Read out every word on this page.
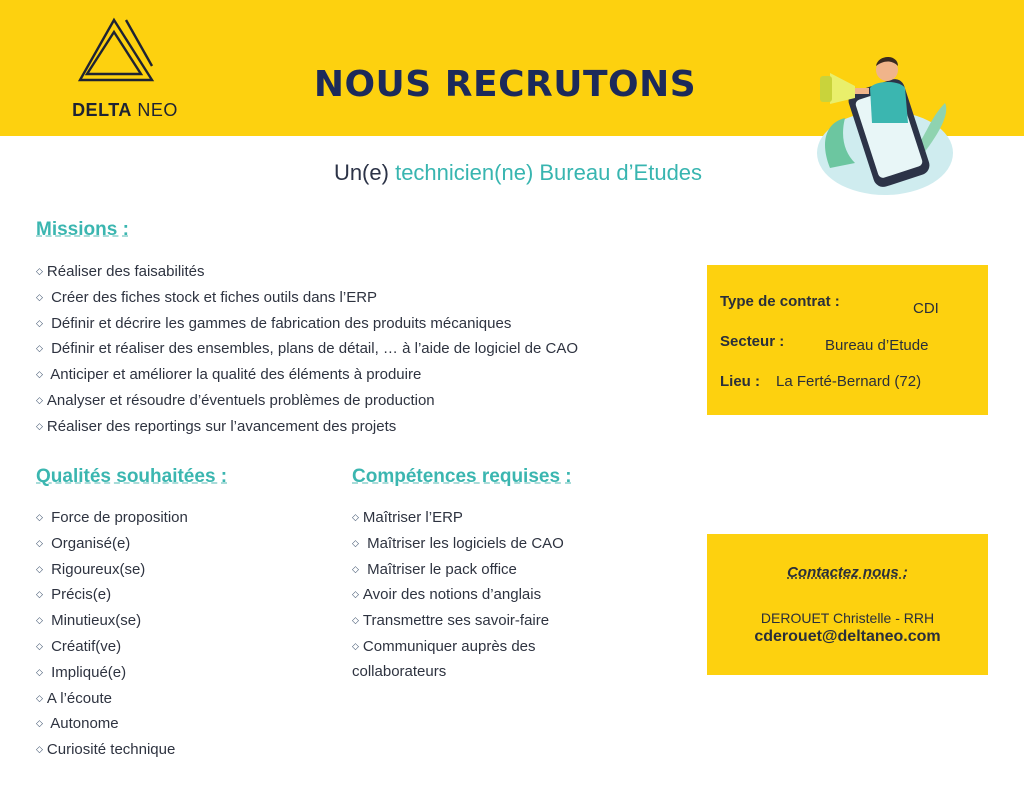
DELTA NEO
NOUS RECRUTONS
Un(e) technicien(ne) Bureau d’Etudes
Missions :
◇ Réaliser des faisabilités
◇ Créer des fiches stock et fiches outils dans l’ERP
◇ Définir et décrire les gammes de fabrication des produits mécaniques
◇ Définir et réaliser des ensembles, plans de détail, … à l’aide de logiciel de CAO
◇ Anticiper et améliorer la qualité des éléments à produire
◇ Analyser et résoudre d’éventuels problèmes de production
◇ Réaliser des reportings sur l’avancement des projets
Qualités souhaitées :
◇ Force de proposition
◇ Organisé(e)
◇ Rigoureux(se)
◇ Précis(e)
◇ Minutieux(se)
◇ Créatif(ve)
◇ Impliqué(e)
◇ A l’écoute
◇ Autonome
◇ Curiosité technique
Compétences requises :
◇ Maîtriser l’ERP
◇ Maîtriser les logiciels de CAO
◇ Maîtriser le pack office
◇ Avoir des notions d’anglais
◇ Transmettre ses savoir-faire
◇ Communiquer auprès des collaborateurs
Type de contrat :	CDI
Secteur :	Bureau d’Etude
Lieu : La Ferté-Bernard (72)
Contactez nous :
DEROUET Christelle - RRH
cderouet@deltaneo.com
